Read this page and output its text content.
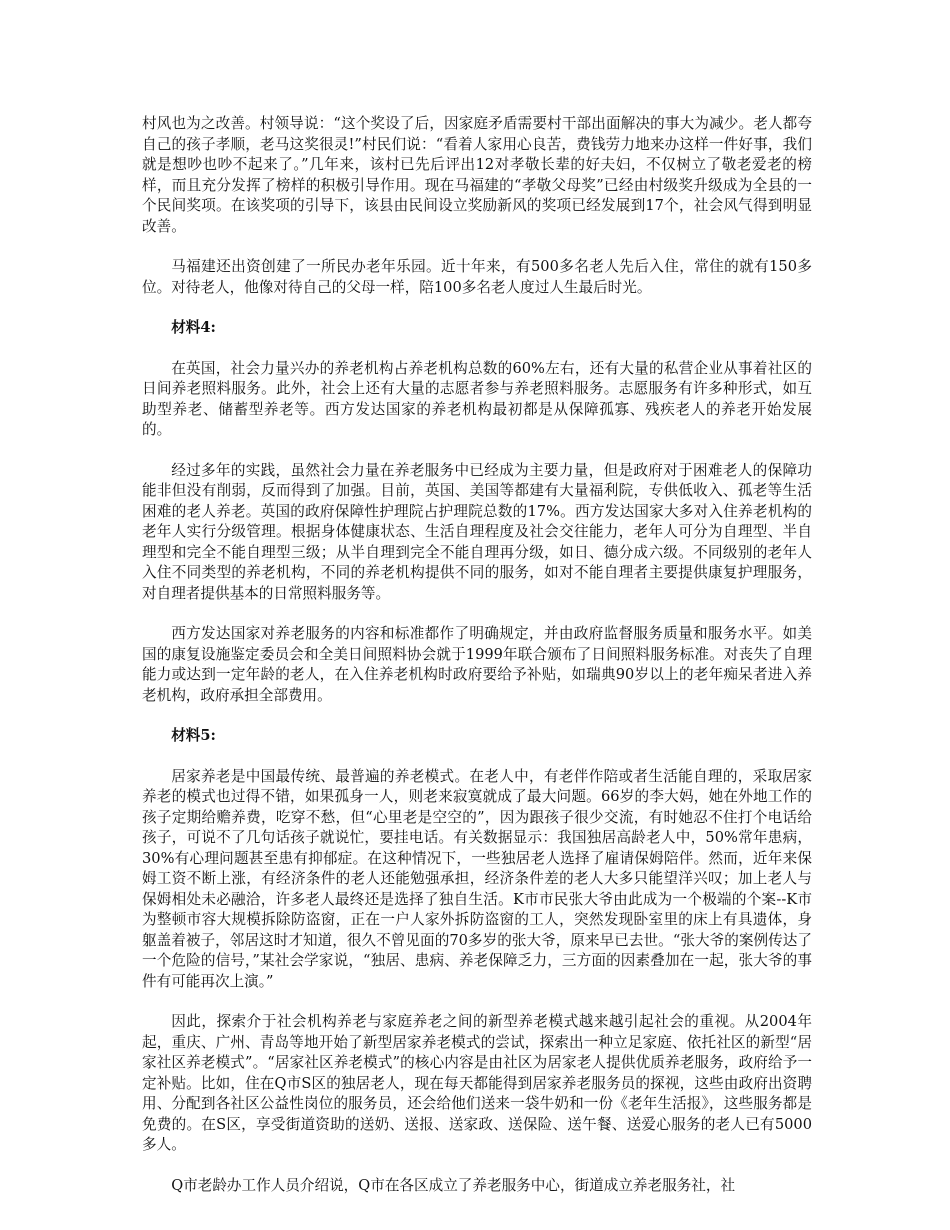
村风也为之改善。村领导说：“这个奖设了后，因家庭矛盾需要村干部出面解决的事大为减少。老人都夸自己的孩子孝顺，老马这奖很灵!”村民们说：“看着人家用心良苦，费钱劳力地来办这样一件好事，我们就是想吵也吵不起来了。”几年来，该村已先后评出12对孝敬长辈的好夫妇，不仅树立了敬老爱老的榜样，而且充分发挥了榜样的积极引导作用。现在马福建的“孝敬父母奖”已经由村级奖升级成为全县的一个民间奖项。在该奖项的引导下，该县由民间设立奖励新风的奖项已经发展到17个，社会风气得到明显改善。

马福建还出资创建了一所民办老年乐园。近十年来，有500多名老人先后入住，常住的就有150多位。对待老人，他像对待自己的父母一样，陪100多名老人度过人生最后时光。

材料4:

在英国，社会力量兴办的养老机构占养老机构总数的60%左右，还有大量的私营企业从事着社区的日间养老照料服务。此外，社会上还有大量的志愿者参与养老照料服务。志愿服务有许多种形式，如互助型养老、储蓄型养老等。西方发达国家的养老机构最初都是从保障孤寡、残疾老人的养老开始发展的。

经过多年的实践，虽然社会力量在养老服务中已经成为主要力量，但是政府对于困难老人的保障功能非但没有削弱，反而得到了加强。目前，英国、美国等都建有大量福利院，专供低收入、孤老等生活困难的老人养老。英国的政府保障性护理院占护理院总数的17%。西方发达国家大多对入住养老机构的老年人实行分级管理。根据身体健康状态、生活自理程度及社会交往能力，老年人可分为自理型、半自理型和完全不能自理型三级；从半自理到完全不能自理再分级，如日、德分成六级。不同级别的老年人入住不同类型的养老机构，不同的养老机构提供不同的服务，如对不能自理者主要提供康复护理服务，对自理者提供基本的日常照料服务等。

西方发达国家对养老服务的内容和标准都作了明确规定，并由政府监督服务质量和服务水平。如美国的康复设施鉴定委员会和全美日间照料协会就于1999年联合颁布了日间照料服务标准。对丧失了自理能力或达到一定年龄的老人，在入住养老机构时政府要给予补贴，如瑞典90岁以上的老年痴呆者进入养老机构，政府承担全部费用。

材料5:

居家养老是中国最传统、最普遍的养老模式。在老人中，有老伴作陪或者生活能自理的，采取居家养老的模式也过得不错，如果孤身一人，则老来寂寞就成了最大问题。66岁的李大妈，她在外地工作的孩子定期给赡养费，吃穿不愁，但“心里老是空空的”，因为跟孩子很少交流，有时她忍不住打个电话给孩子，可说不了几句话孩子就说忙，要挂电话。有关数据显示：我国独居高龄老人中，50%常年患病，30%有心理问题甚至患有抑郁症。在这种情况下，一些独居老人选择了雇请保姆陪伴。然而，近年来保姆工资不断上涨，有经济条件的老人还能勉强承担，经济条件差的老人大多只能望洋兴叹；加上老人与保姆相处未必融洽，许多老人最终还是选择了独自生活。K市市民张大爷由此成为一个极端的个案--K市为整顿市容大规模拆除防盗窗，正在一户人家外拆防盗窗的工人，突然发现卧室里的床上有具遗体，身躯盖着被子，邻居这时才知道，很久不曾见面的70多岁的张大爷，原来早已去世。“张大爷的案例传达了一个危险的信号，”某社会学家说，“独居、患病、养老保障乏力，三方面的因素叠加在一起，张大爷的事件有可能再次上演。”

因此，探索介于社会机构养老与家庭养老之间的新型养老模式越来越引起社会的重视。从2004年起，重庆、广州、青岛等地开始了新型居家养老模式的尝试，探索出一种立足家庭、依托社区的新型“居家社区养老模式”。“居家社区养老模式”的核心内容是由社区为居家老人提供优质养老服务，政府给予一定补贴。比如，住在Q市S区的独居老人，现在每天都能得到居家养老服务员的探视，这些由政府出资聘用、分配到各社区公益性岗位的服务员，还会给他们送来一袋牛奶和一份《老年生活报》，这些服务都是免费的。在S区，享受街道资助的送奶、送报、送家政、送保险、送午餐、送爱心服务的老人已有5000多人。

Q市老龄办工作人员介绍说，Q市在各区成立了养老服务中心，街道成立养老服务社，社
